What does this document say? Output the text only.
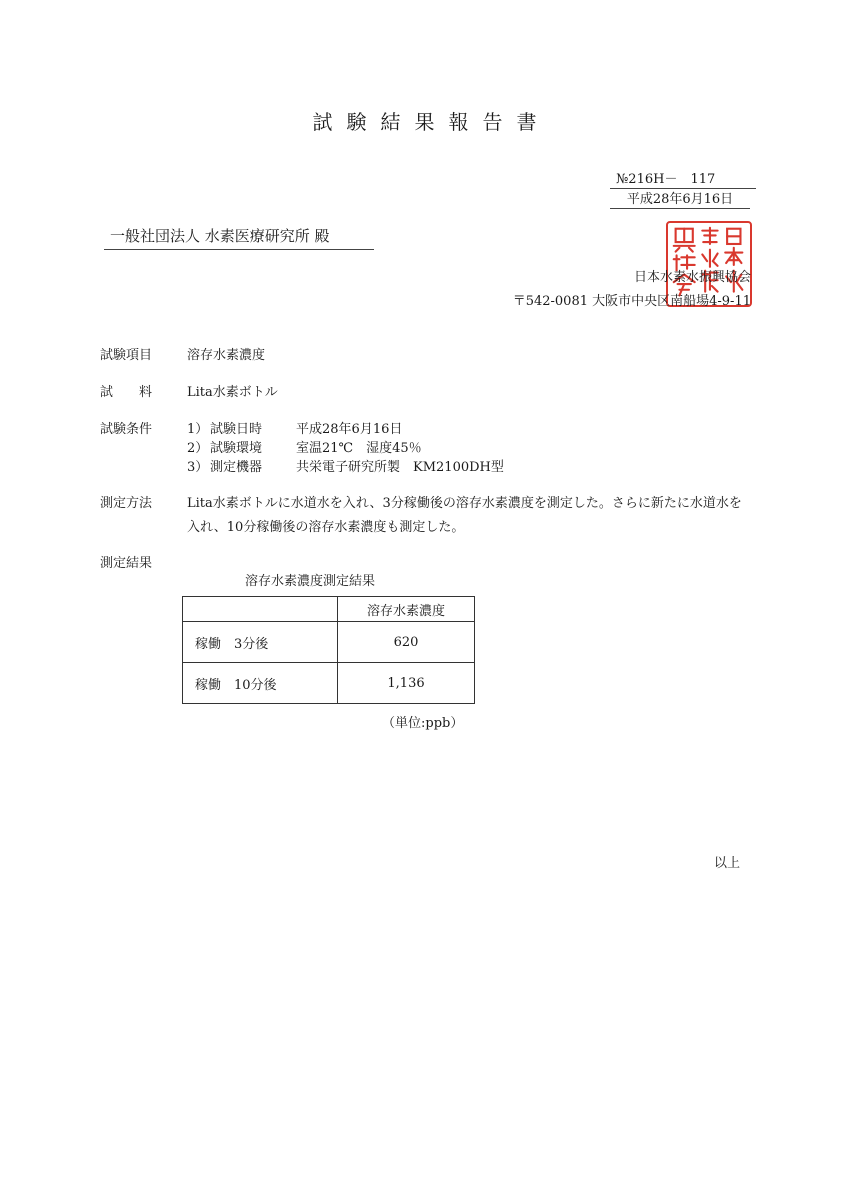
試験結果報告書
№216H－　117
平成28年6月16日
一般社団法人 水素医療研究所 殿
日本水素水振興協会
〒542-0081 大阪市中央区南船場4-9-11
試験項目	溶存水素濃度
試　　料	Lita水素ボトル
試験条件	1） 試験日時	平成28年6月16日
2） 試験環境	室温21℃　湿度45％
3） 測定機器	共栄電子研究所製　KM2100DH型
測定方法	Lita水素ボトルに水道水を入れ、3分稼働後の溶存水素濃度を測定した。さらに新たに水道水を入れ、10分稼働後の溶存水素濃度も測定した。
測定結果
溶存水素濃度測定結果
	溶存水素濃度
稼働　3分後	620
稼働　10分後	1,136
（単位:ppb）
以上
